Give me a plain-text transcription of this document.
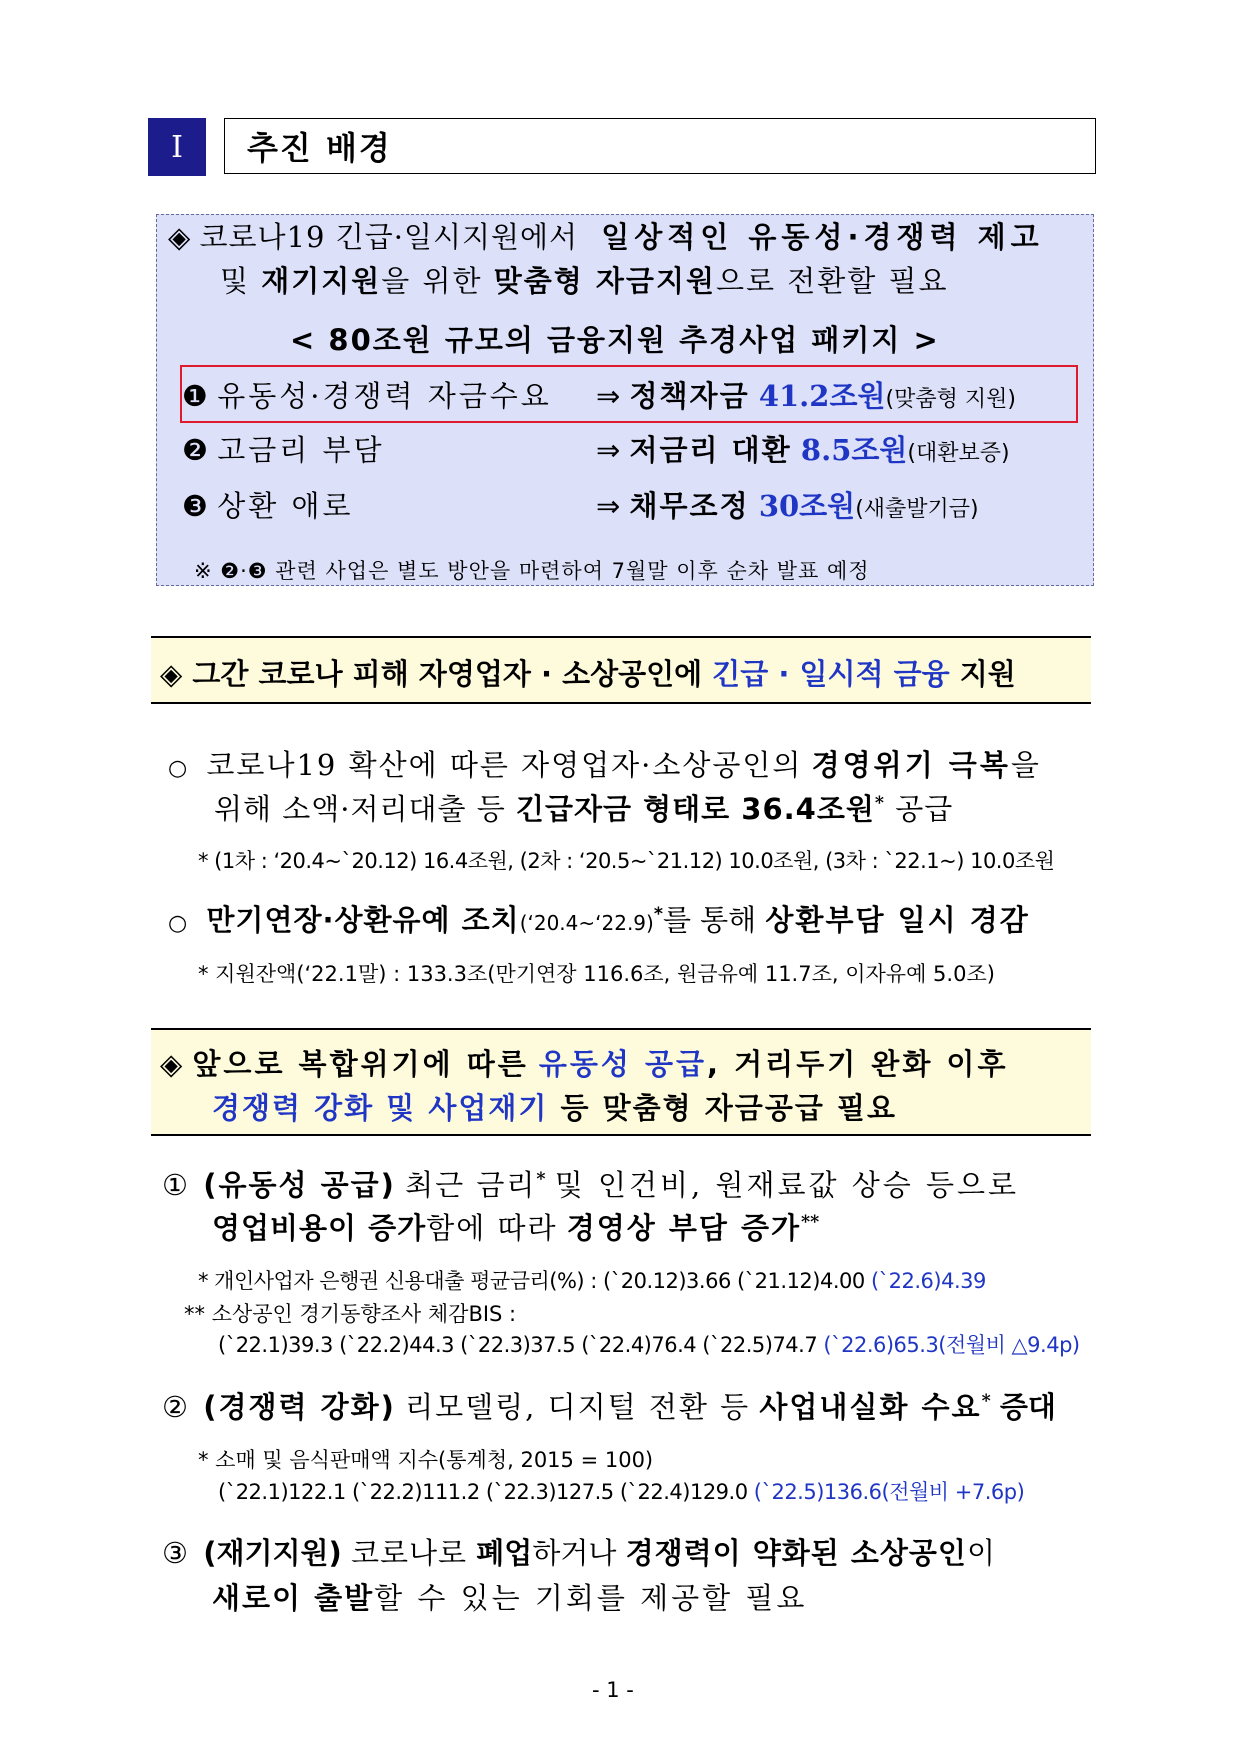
Ⅰ	추진 배경
◈ 코로나19 긴급·일시지원에서 일상적인 유동성·경쟁력 제고
및 재기지원을 위한 맞춤형 자금지원으로 전환할 필요
< 80조원 규모의 금융지원 추경사업 패키지 >
❶ 유동성·경쟁력 자금수요 ⇒ 정책자금 41.2조원(맞춤형 지원)
❷ 고금리 부담	⇒ 저금리 대환 8.5조원(대환보증)
❸ 상환 애로	⇒ 채무조정 30조원(새출발기금)
※ ❷·❸ 관련 사업은 별도 방안을 마련하여 7월말 이후 순차 발표 예정
◈ 그간 코로나 피해 자영업자 · 소상공인에 긴급 · 일시적 금융 지원
○ 코로나19 확산에 따른 자영업자·소상공인의 경영위기 극복을
위해 소액·저리대출 등 긴급자금 형태로 36.4조원* 공급
* (1차 : ‘20.4~`20.12) 16.4조원, (2차 : ‘20.5~`21.12) 10.0조원, (3차 : `22.1~) 10.0조원
○ 만기연장·상환유예 조치(‘20.4~‘22.9)*를 통해 상환부담 일시 경감
* 지원잔액(‘22.1말) : 133.3조(만기연장 116.6조, 원금유예 11.7조, 이자유예 5.0조)
◈ 앞으로 복합위기에 따른 유동성 공급, 거리두기 완화 이후
경쟁력 강화 및 사업재기 등 맞춤형 자금공급 필요
① (유동성 공급) 최근 금리* 및 인건비, 원재료값 상승 등으로
영업비용이 증가함에 따라 경영상 부담 증가**
* 개인사업자 은행권 신용대출 평균금리(%) : (`20.12)3.66 (`21.12)4.00 (`22.6)4.39
** 소상공인 경기동향조사 체감BIS :
(`22.1)39.3 (`22.2)44.3 (`22.3)37.5 (`22.4)76.4 (`22.5)74.7 (`22.6)65.3(전월비 △9.4p)
② (경쟁력 강화) 리모델링, 디지털 전환 등 사업내실화 수요* 증대
* 소매 및 음식판매액 지수(통계청, 2015 = 100)
(`22.1)122.1 (`22.2)111.2 (`22.3)127.5 (`22.4)129.0 (`22.5)136.6(전월비 +7.6p)
③ (재기지원) 코로나로 폐업하거나 경쟁력이 약화된 소상공인이
새로이 출발할 수 있는 기회를 제공할 필요
- 1 -
